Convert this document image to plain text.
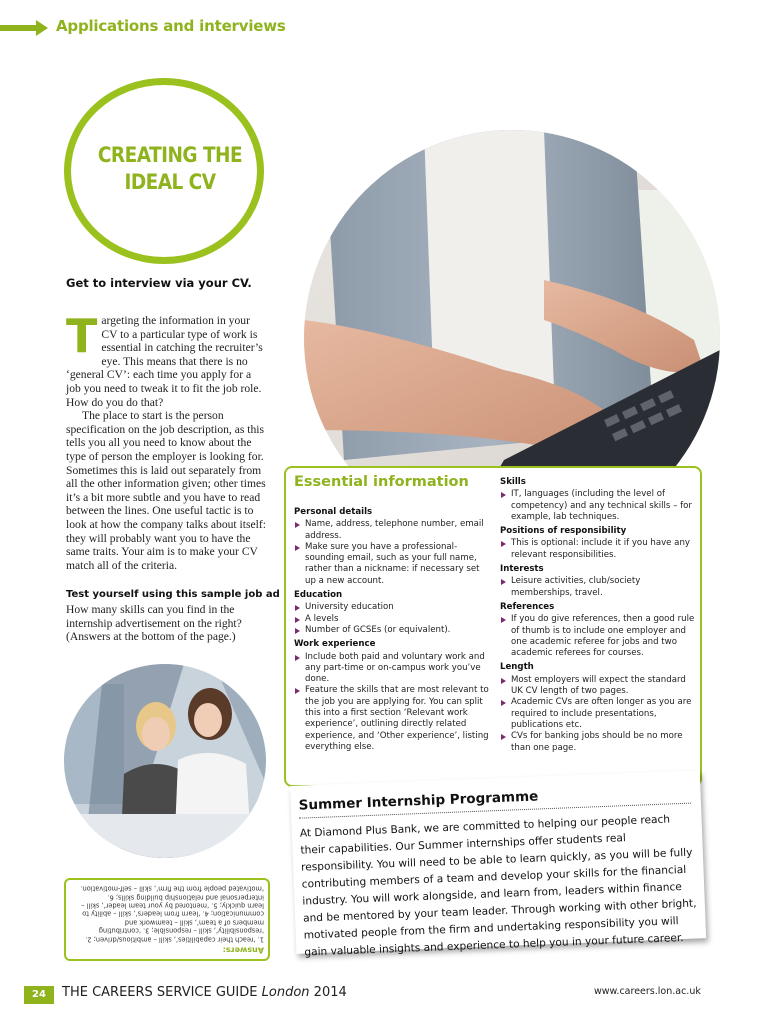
Applications and interviews
CREATING THE
IDEAL CV
Get to interview via your CV.
T argeting the information in your CV to a particular type of work is essential in catching the recruiter’s eye. This means that there is no ‘general CV’: each time you apply for a job you need to tweak it to fit the job role. How do you do that?

The place to start is the person specification on the job description, as this tells you all you need to know about the type of person the employer is looking for. Sometimes this is laid out separately from all the other information given; other times it’s a bit more subtle and you have to read between the lines. One useful tactic is to look at how the company talks about itself: they will probably want you to have the same traits. Your aim is to make your CV match all of the criteria.

Test yourself using this sample job ad
How many skills can you find in the internship advertisement on the right? (Answers at the bottom of the page.)
Answers:
1. ‘reach their capabilities’, skill – ambitious/driven; 2. ‘responsibility’, skill – responsible; 3. ‘contributing members of a team’, skill – teamwork and communication; 4. ‘learn from leaders’, skill – ability to learn quickly; 5. ‘mentored by your team leader’, skill – interpersonal and relationship building skills; 6. ‘motivated people from the firm’, skill – self-motivation.
Essential information
Personal details
Name, address, telephone number, email address.
Make sure you have a professional-sounding email, such as your full name, rather than a nickname: if necessary set up a new account.
Education
University education
A levels
Number of GCSEs (or equivalent).
Work experience
Include both paid and voluntary work and any part-time or on-campus work you’ve done.
Feature the skills that are most relevant to the job you are applying for. You can split this into a first section ‘Relevant work experience’, outlining directly related experience, and ‘Other experience’, listing everything else.
Skills
IT, languages (including the level of competency) and any technical skills – for example, lab techniques.
Positions of responsibility
This is optional: include it if you have any relevant responsibilities.
Interests
Leisure activities, club/society memberships, travel.
References
If you do give references, then a good rule of thumb is to include one employer and one academic referee for jobs and two academic referees for courses.
Length
Most employers will expect the standard UK CV length of two pages.
Academic CVs are often longer as you are required to include presentations, publications etc.
CVs for banking jobs should be no more than one page.
Summer Internship Programme
At Diamond Plus Bank, we are committed to helping our people reach their capabilities. Our Summer internships offer students real responsibility. You will need to be able to learn quickly, as you will be fully contributing members of a team and develop your skills for the financial industry. You will work alongside, and learn from, leaders within finance and be mentored by your team leader. Through working with other bright, motivated people from the firm and undertaking responsibility you will gain valuable insights and experience to help you in your future career.
24	THE CAREERS SERVICE GUIDE London 2014	www.careers.lon.ac.uk
